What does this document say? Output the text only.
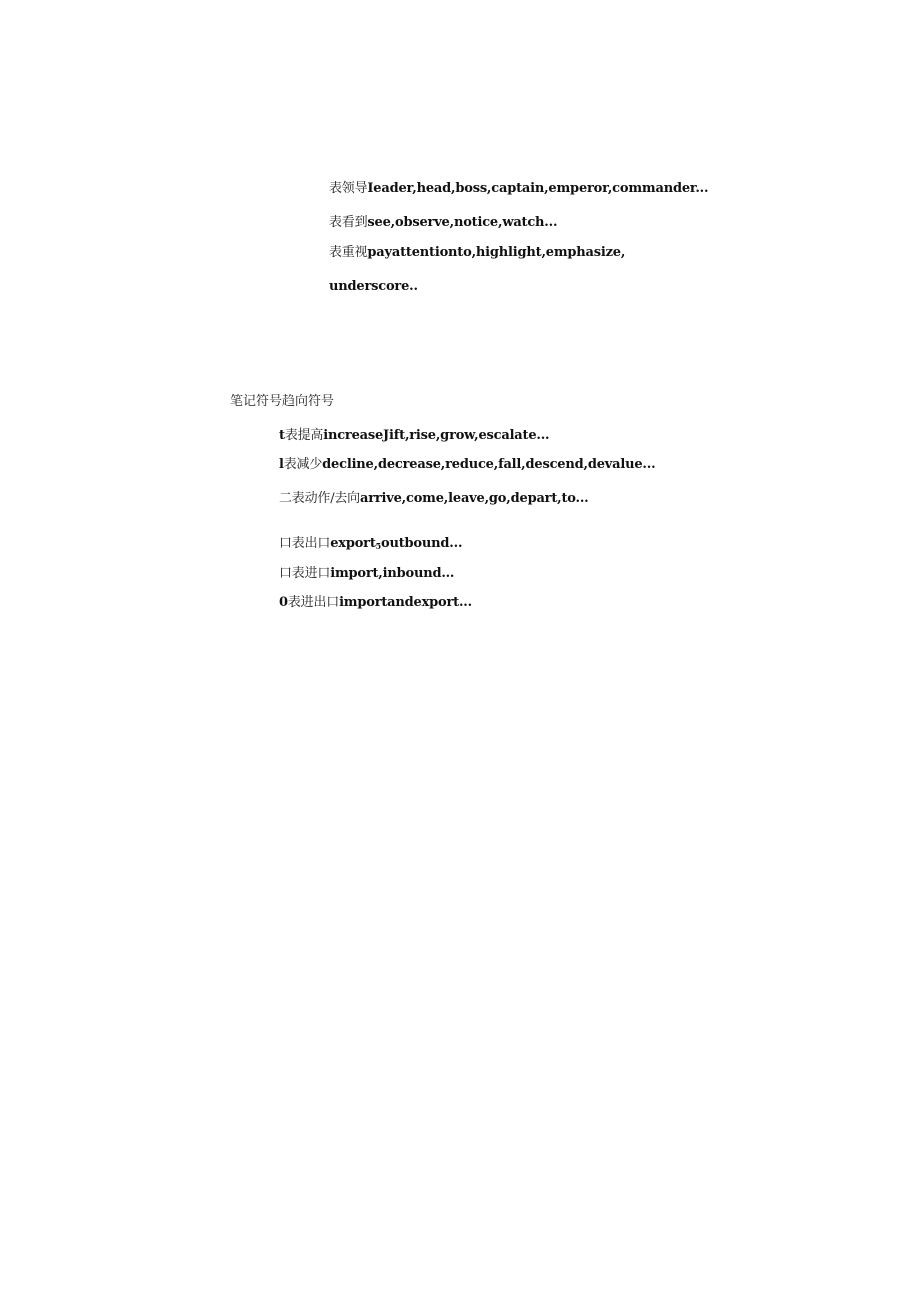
表领导Ieader,head,boss,captain,emperor,commander...
表看到see,observe,notice,watch...
表重视payattentionto,highlight,emphasize,
underscore..
笔记符号趋向符号
t表提高increaseJift,rise,grow,escalate...
l表减少decline,decrease,reduce,fall,descend,devalue...
二表动作/去向arrive,come,leave,go,depart,to...
口表出口export$_5$outbound...
口表进口import,inbound…
0表进出口importandexport...
